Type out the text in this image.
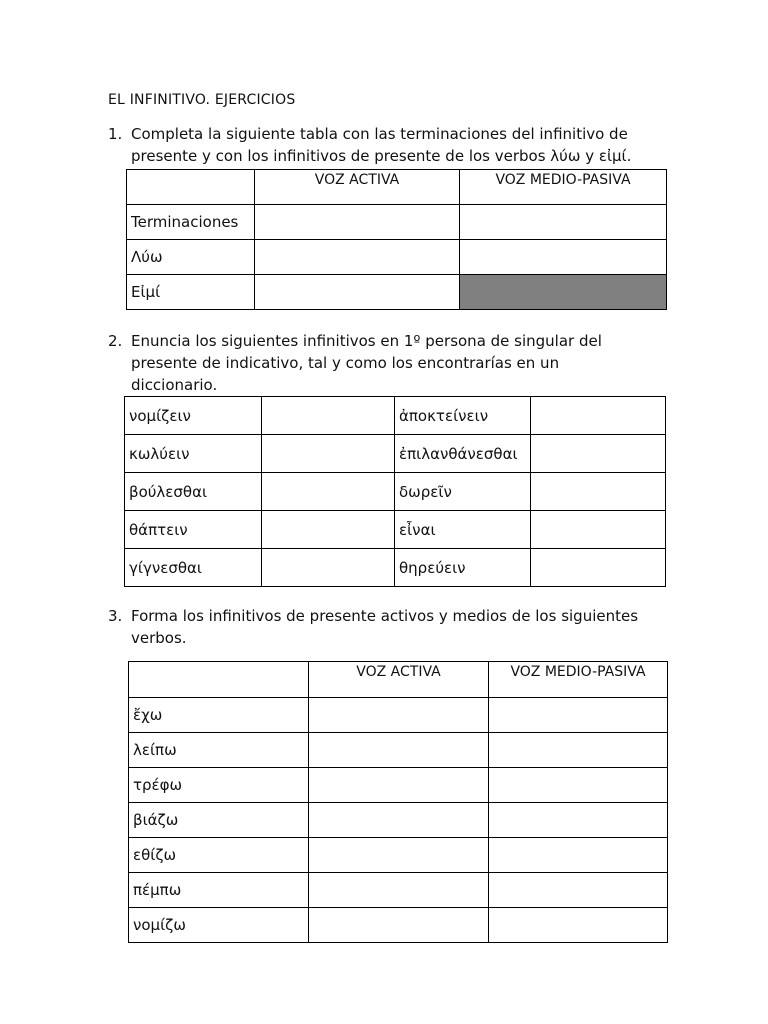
EL INFINITIVO. EJERCICIOS
1. Completa la siguiente tabla con las terminaciones del infinitivo de presente y con los infinitivos de presente de los verbos λύω y εἰμί.
	VOZ ACTIVA	VOZ MEDIO-PASIVA
Terminaciones		
Λύω		
Εἰμί		
2. Enuncia los siguientes infinitivos en 1º persona de singular del presente de indicativo, tal y como los encontrarías en un diccionario.
νομίζειν		ἀποκτείνειν	
κωλύειν		ἐπιλανθάνεσθαι	
βούλεσθαι		δωρεῖν	
θάπτειν		εἶναι	
γίγνεσθαι		θηρεύειν	
3. Forma los infinitivos de presente activos y medios de los siguientes verbos.
	VOZ ACTIVA	VOZ MEDIO-PASIVA
ἔχω		
λείπω		
τρέφω		
βιάζω		
εθίζω		
πέμπω		
νομίζω		
